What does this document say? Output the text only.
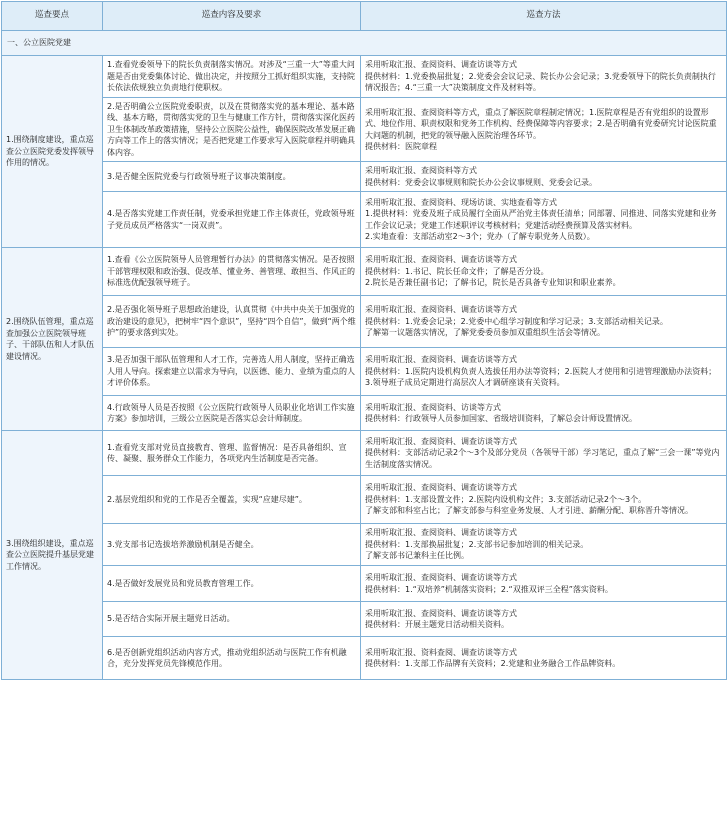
巡查要点	巡查内容及要求	巡查方法
一、公立医院党建		
1.围绕制度建设，重点巡查公立医院党委发挥领导作用的情况。	1.查看党委领导下的院长负责制落实情况。对涉及“三重一大”等重大问题是否由党委集体讨论、做出决定，并按照分工抓好组织实施，支持院长依法依规独立负责地行使职权。	采用听取汇报、查阅资料、调查访谈等方式
提供材料：1.党委换届批复；2.党委会会议记录、院长办公会记录；3.党委领导下的院长负责制执行情况报告；4.“三重一大”决策制度文件及材料等。

	2.是否明确公立医院党委职责，以及在贯彻落实党的基本理论、基本路线、基本方略，贯彻落实党的卫生与健康工作方针，贯彻落实深化医药卫生体制改革政策措施，坚持公立医院公益性，确保医院改革发展正确方向等工作上的落实情况；是否把党建工作要求写入医院章程并明确具体内容。	采用听取汇报、查阅资料等方式，重点了解医院章程制定情况；1.医院章程是否有党组织的设置形式、地位作用、职责权限和党务工作机构、经费保障等内容要求；2.是否明确有党委研究讨论医院重大问题的机制，把党的领导融入医院治理各环节。
提供材料：医院章程

	3.是否健全医院党委与行政领导班子议事决策制度。	采用听取汇报、查阅资料等方式
提供材料：党委会议事规则和院长办公会议事规则、党委会记录。

	4.是否落实党建工作责任制，党委承担党建工作主体责任，党政领导班子党员成员严格落实“一岗双责”。	采用听取汇报、查阅资料、现场访谈、实地查看等方式
1.提供材料：党委及班子成员履行全面从严治党主体责任清单；同部署、同推进、同落实党建和业务工作会议记录；党建工作述职评议考核材料；党建活动经费预算及落实材料。
2.实地查看：支部活动室2～3个；党办（了解专职党务人员数）。

2.围绕队伍管理，重点巡查加强公立医院领导班子、干部队伍和人才队伍建设情况。	1.查看《公立医院领导人员管理暂行办法》的贯彻落实情况。是否按照干部管理权限和政治强、促改革、懂业务、善管理、敢担当、作风正的标准选优配强领导班子。	采用听取汇报、查阅资料、调查访谈等方式
提供材料：1.书记、院长任命文件；了解是否分设。
2.院长是否兼任副书记；了解书记，院长是否具备专业知识和职业素养。

	2.是否强化领导班子思想政治建设，认真贯彻《中共中央关于加强党的政治建设的意见》，把树牢“四个意识”，坚持“四个自信”，做到“两个维护”的要求落到实处。	采用听取汇报、查阅资料、调查访谈等方式
提供材料：1.党委会记录；2.党委中心组学习制度和学习记录；3.支部活动相关记录。
了解第一议题落实情况，了解党委委员参加双重组织生活会等情况。

	3.是否加强干部队伍管理和人才工作，完善选人用人制度，坚持正确选人用人导向。探索建立以需求为导向，以医德、能力、业绩为重点的人才评价体系。	采用听取汇报、查阅资料、调查访谈等方式
提供材料：1.医院内设机构负责人选拔任用办法等资料；2.医院人才使用和引进管理激励办法资料；3.领导班子成员定期进行高层次人才调研座谈有关资料。

	4.行政领导人员是否按照《公立医院行政领导人员职业化培训工作实施方案》参加培训，三级公立医院是否落实总会计师制度。	采用听取汇报、查阅资料、访谈等方式
提供材料：行政领导人员参加国家、省级培训资料，了解总会计师设置情况。

3.围绕组织建设，重点巡查公立医院提升基层党建工作情况。	1.查看党支部对党员直接教育、管理、监督情况：是否具备组织、宣传、凝聚、服务群众工作能力，各项党内生活制度是否完备。	采用听取汇报、查阅资料、调查访谈等方式
提供材料：支部活动记录2个～3个及部分党员（各领导干部）学习笔记，重点了解“三会一课”等党内生活制度落实情况。

	2.基层党组织和党的工作是否全覆盖，实现“应建尽建”。	采用听取汇报、查阅资料、调查访谈等方式
提供材料：1.支部设置文件；2.医院内设机构文件；3.支部活动记录2个～3个。
了解支部和科室占比；了解支部参与科室业务发展、人才引进、薪酬分配、职称晋升等情况。

	3.党支部书记选拔培养激励机制是否健全。	采用听取汇报、查阅资料、调查访谈等方式
提供材料：1.支部换届批复；2.支部书记参加培训的相关记录。
了解支部书记兼科主任比例。

	4.是否做好发展党员和党员教育管理工作。	采用听取汇报、查阅资料、调查访谈等方式
提供材料：1.“双培养”机制落实资料；2.“双推双评三全程”落实资料。

	5.是否结合实际开展主题党日活动。	采用听取汇报、查阅资料、调查访谈等方式
提供材料：开展主题党日活动相关资料。

	6.是否创新党组织活动内容方式，推动党组织活动与医院工作有机融合，充分发挥党员先锋模范作用。	采用听取汇报、资料查阅、调查访谈等方式
提供材料：1.支部工作品牌有关资料；2.党建和业务融合工作品牌资料。
